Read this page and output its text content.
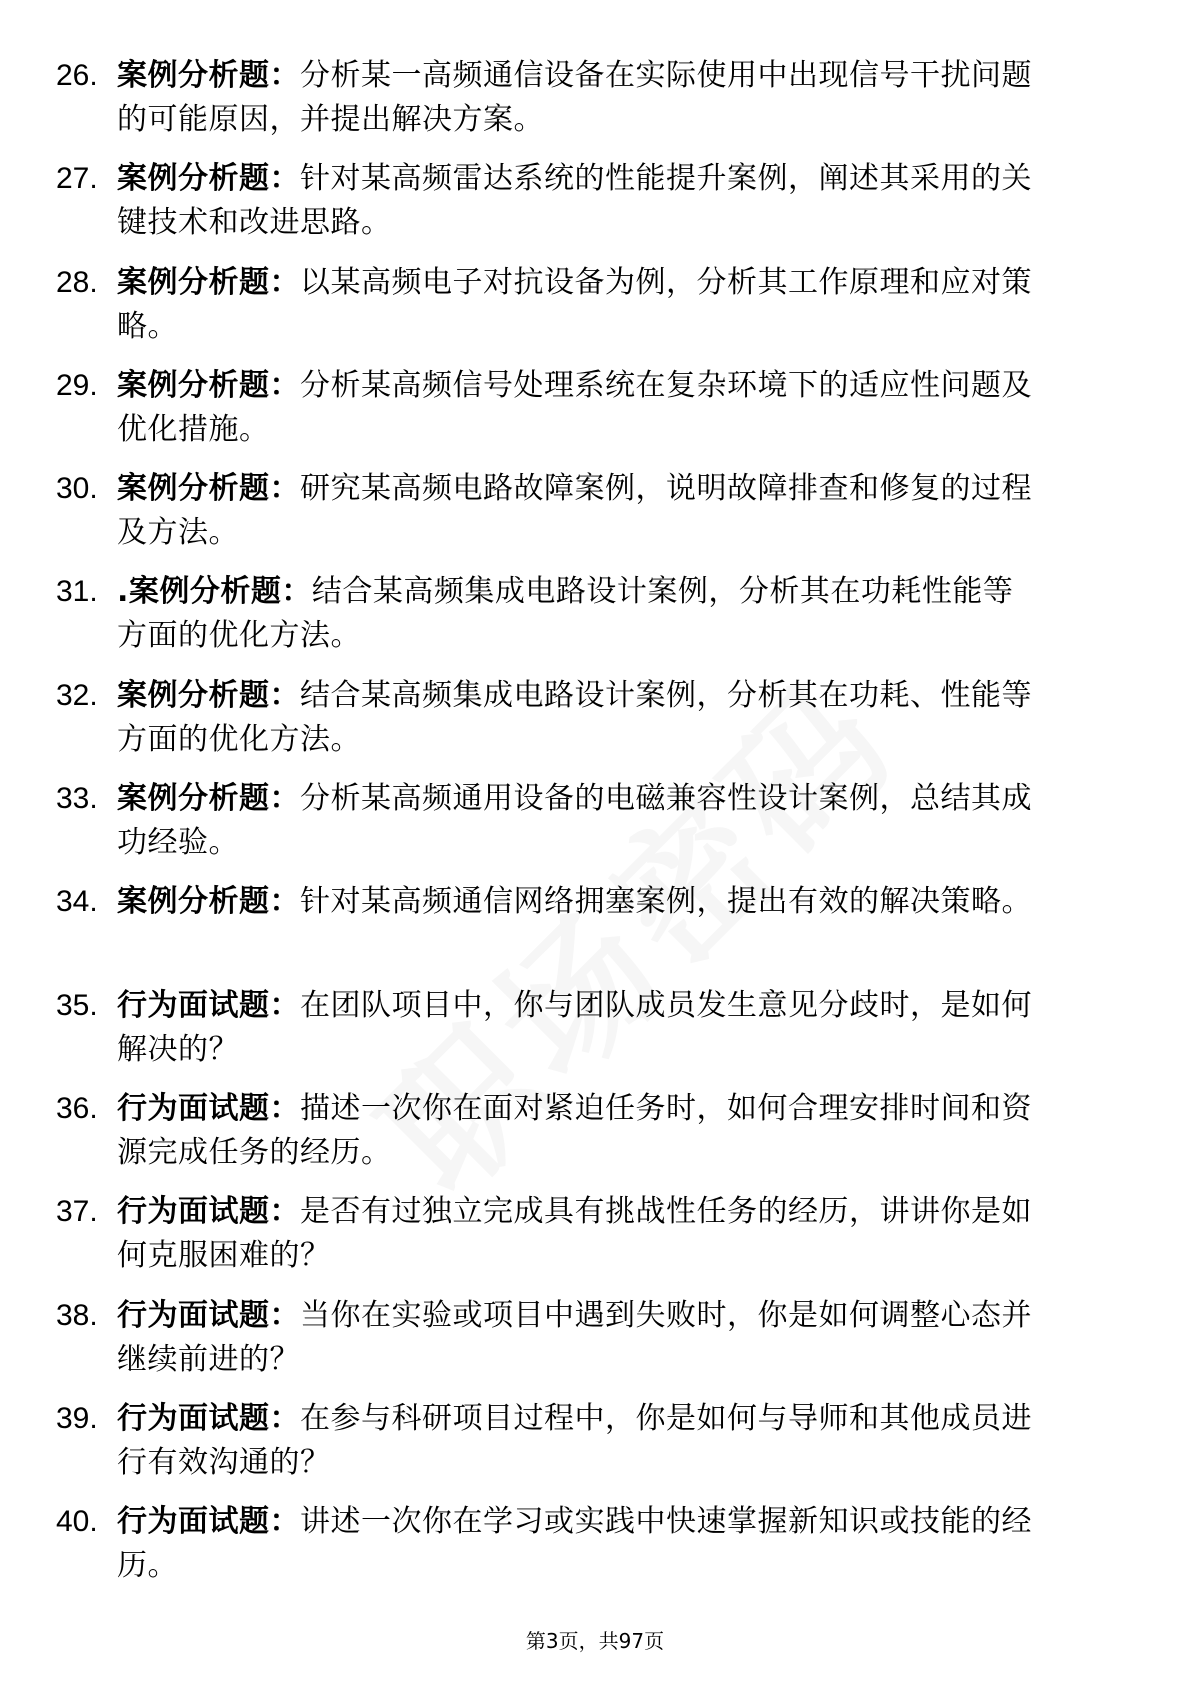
26. 案例分析题：分析某一高频通信设备在实际使用中出现信号干扰问题的可能原因，并提出解决方案。
27. 案例分析题：针对某高频雷达系统的性能提升案例，阐述其采用的关键技术和改进思路。
28. 案例分析题：以某高频电子对抗设备为例，分析其工作原理和应对策略。
29. 案例分析题：分析某高频信号处理系统在复杂环境下的适应性问题及优化措施。
30. 案例分析题：研究某高频电路故障案例，说明故障排查和修复的过程及方法。
31. .案例分析题：结合某高频集成电路设计案例，分析其在功耗性能等方面的优化方法。
32. 案例分析题：结合某高频集成电路设计案例，分析其在功耗、性能等方面的优化方法。
33. 案例分析题：分析某高频通用设备的电磁兼容性设计案例，总结其成功经验。
34. 案例分析题：针对某高频通信网络拥塞案例，提出有效的解决策略。
35. 行为面试题：在团队项目中，你与团队成员发生意见分歧时，是如何解决的？
36. 行为面试题：描述一次你在面对紧迫任务时，如何合理安排时间和资源完成任务的经历。
37. 行为面试题：是否有过独立完成具有挑战性任务的经历，讲讲你是如何克服困难的？
38. 行为面试题：当你在实验或项目中遇到失败时，你是如何调整心态并继续前进的？
39. 行为面试题：在参与科研项目过程中，你是如何与导师和其他成员进行有效沟通的？
40. 行为面试题：讲述一次你在学习或实践中快速掌握新知识或技能的经历。
第3页，共97页
